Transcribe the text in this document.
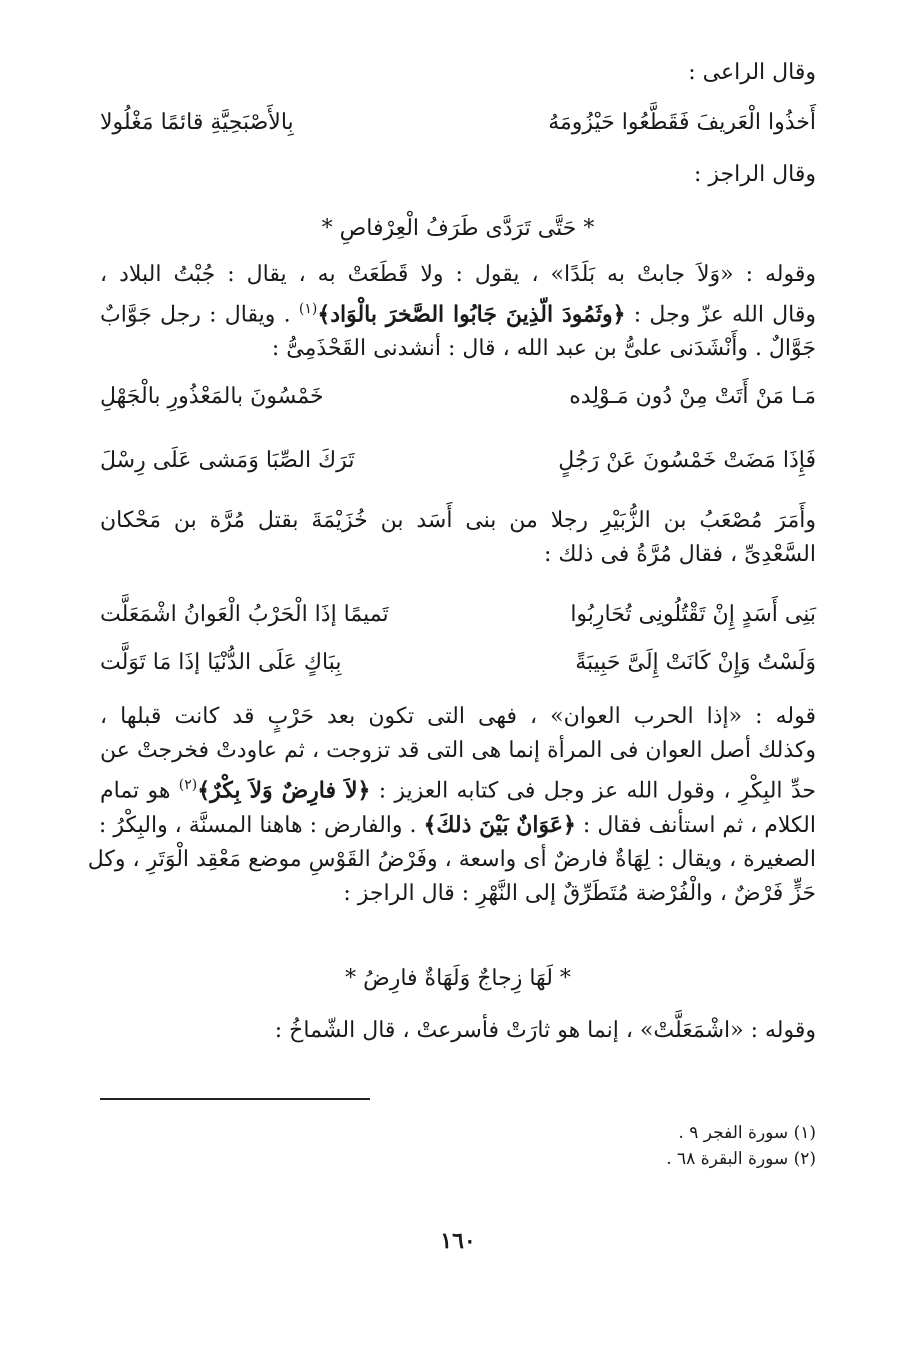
وقال الراعى :
أَخذُوا الْعَريفَ فَقَطَّعُوا حَيْزُومَهُ
بِالأَصْبَحِيَّةِ قائمًا مَغْلُولا
وقال الراجز :
* حَتَّى تَرَدَّى طَرَفُ الْعِرْفاصِ *
وقوله : «وَلاَ جابتْ به بَلَدًا» ، يقول : ولا قَطَعَتْ به ، يقال : جُبْتُ البلاد ،
وقال الله عزّ وجل : ﴿وثَمُودَ الّذِينَ جَابُوا الصَّخرَ بالْوَاد﴾$^{(١)}$ . ويقال : رجل جَوَّابٌ
جَوَّالٌ . وأَنْشَدَنى علىُّ بن عبد الله ، قال : أنشدنى القَحْذَمِىُّ :
مَـا مَنْ أَتَتْ مِنْ دُون مَـوْلِده
خَمْسُونَ بالمَعْذُورِ بالْجَهْلِ
فَإِذَا مَضَتْ خَمْسُونَ عَنْ رَجُلٍ
تَرَكَ الصِّبَا وَمَشى عَلَى رِسْلَ
وأَمَرَ مُصْعَبُ بن الزُّبَيْرِ رجلا من بنى أَسَد بن خُزَيْمَةَ بقتل مُرَّة بن مَحْكان
السَّعْدِىِّ ، فقال مُرَّةُ فى ذلك :
بَنِى أَسَدٍ إِنْ تَقْتُلُونِى تُحَارِبُوا
تَميمًا إذَا الْحَرْبُ الْعَوانُ اشْمَعَلَّت
وَلَسْتُ وَإِنْ كَانَتْ إِلَىَّ حَبِيبَةً
بِبَاكٍ عَلَى الدُّنْيَا إذَا مَا تَوَلَّت
قوله : «إذا الحرب العوان» ، فهى التى تكون بعد حَرْبٍ قد كانت قبلها ،
وكذلك أصل العوان فى المرأة إنما هى التى قد تزوجت ، ثم عاودتْ فخرجتْ عن
حدِّ البِكْرِ ، وقول الله عز وجل فى كتابه العزيز : ﴿لاَ فارِضٌ وَلاَ بِكْرٌ﴾$^{(٢)}$ هو تمام
الكلام ، ثم استأنف فقال : ﴿عَوَانٌ بَيْنَ ذلكَ﴾ . والفارض : هاهنا المسنَّة ، والبِكْرُ :
الصغيرة ، ويقال : لِهَاةٌ فارضٌ أى واسعة ، وفَرْضُ القَوْسِ موضع مَعْقِد الْوَتَرِ ، وكل
حَزٍّ فَرْضٌ ، والْفُرْضة مُتَطَرِّقٌ إلى النَّهْرِ : قال الراجز :
* لَهَا زِجاجٌ وَلَهَاةٌ فارِضُ *
وقوله : «اشْمَعَلَّتْ» ، إنما هو ثارَتْ فأسرعتْ ، قال الشّماخُ :
(١) سورة الفجر ٩ .
(٢) سورة البقرة ٦٨ .
١٦٠
